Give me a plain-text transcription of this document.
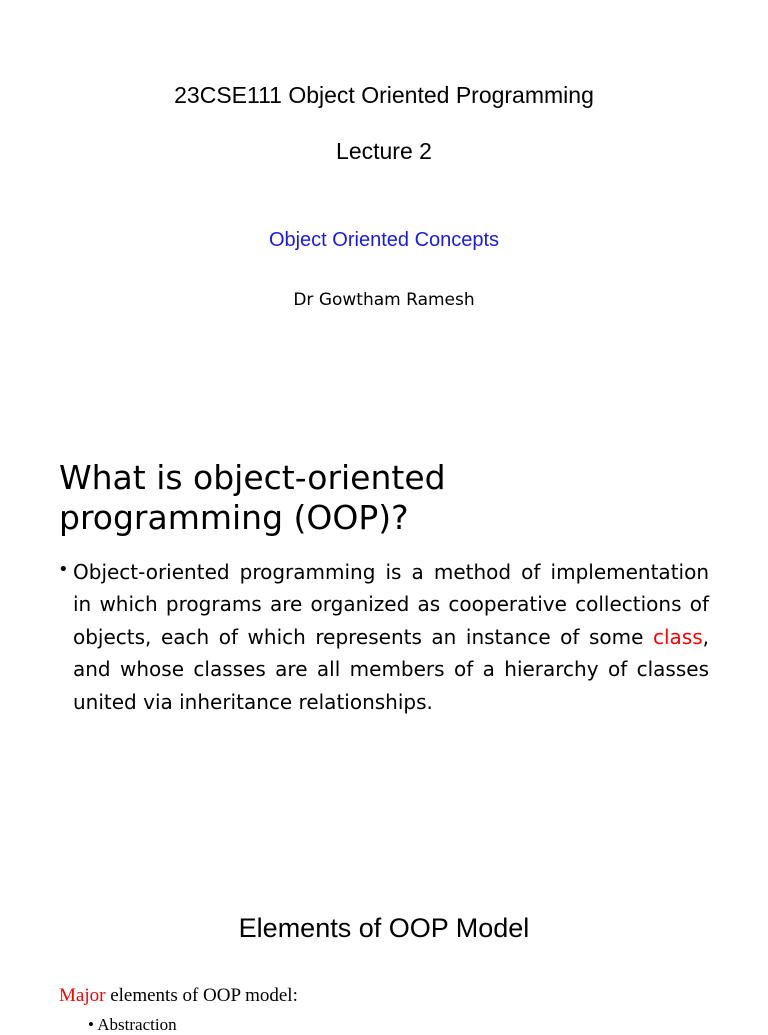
23CSE111 Object Oriented Programming
Lecture 2
Object Oriented Concepts
Dr Gowtham Ramesh
What is object-oriented
programming (OOP)?
• Object-oriented programming is a method of implementation in which programs are organized as cooperative collections of objects, each of which represents an instance of some class, and whose classes are all members of a hierarchy of classes united via inheritance relationships.
Elements of OOP Model
Major elements of OOP model:
• Abstraction
